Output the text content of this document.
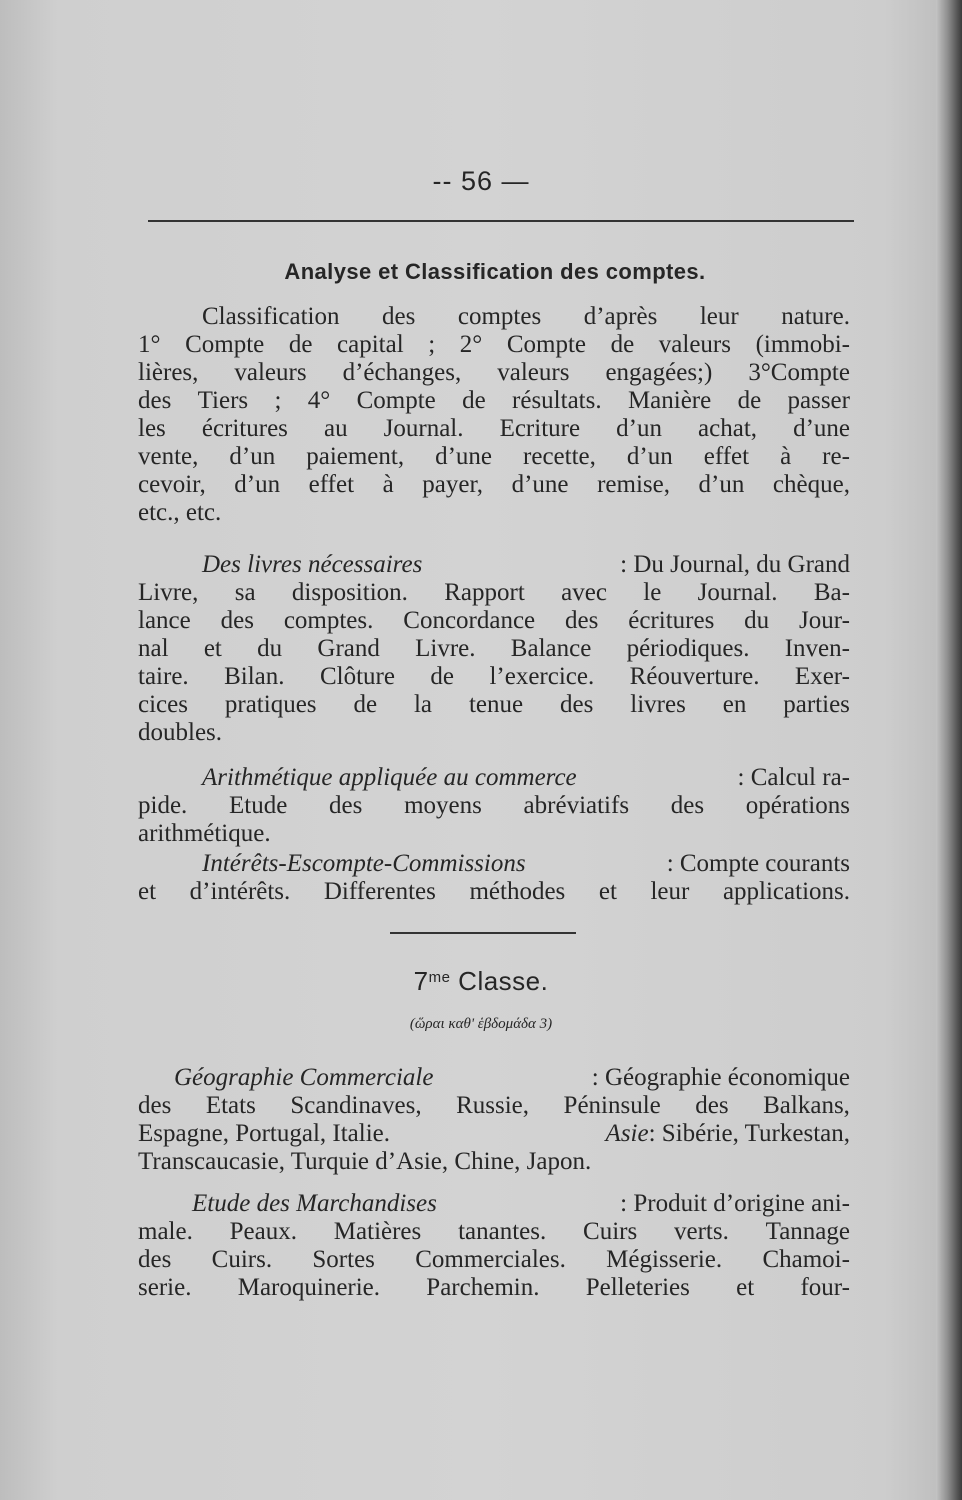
-- 56 —
Analyse et Classification des comptes.
Classification des comptes d’après leur nature.
1° Compte de capital ; 2° Compte de valeurs (immobi-
lières, valeurs d’échanges, valeurs engagées;) 3°Compte
des Tiers ; 4° Compte de résultats. Manière de passer
les écritures au Journal. Ecriture d’un achat, d’une
vente, d’un paiement, d’une recette, d’un effet à re-
cevoir, d’un effet à payer, d’une remise, d’un chèque,
etc., etc.
Des livres nécessaires	: Du Journal, du Grand
Livre, sa disposition. Rapport avec le Journal. Ba-
lance des comptes. Concordance des écritures du Jour-
nal et du Grand Livre. Balance périodiques. Inven-
taire. Bilan. Clôture de l’exercice. Réouverture. Exer-
cices pratiques de la tenue des livres en parties
doubles.
Arithmétique appliquée au commerce	: Calcul ra-
pide. Etude des moyens abréviatifs des opérations
arithmétique.
Intérêts-Escompte-Commissions	: Compte courants
et d’intérêts. Differentes méthodes et leur applications.
$7^{me}$ Classe.
(ὥραι καθ' ἑβδομάδα 3)
Géographie Commerciale	: Géographie économique
des Etats Scandinaves, Russie, Péninsule des Balkans,
Espagne, Portugal, Italie.	Asie: Sibérie, Turkestan,
Transcaucasie, Turquie d’Asie, Chine, Japon.
Etude des Marchandises	: Produit d’origine ani-
male. Peaux. Matières tanantes. Cuirs verts. Tannage
des Cuirs. Sortes Commerciales. Mégisserie. Chamoi-
serie. Maroquinerie. Parchemin. Pelleteries et four-
